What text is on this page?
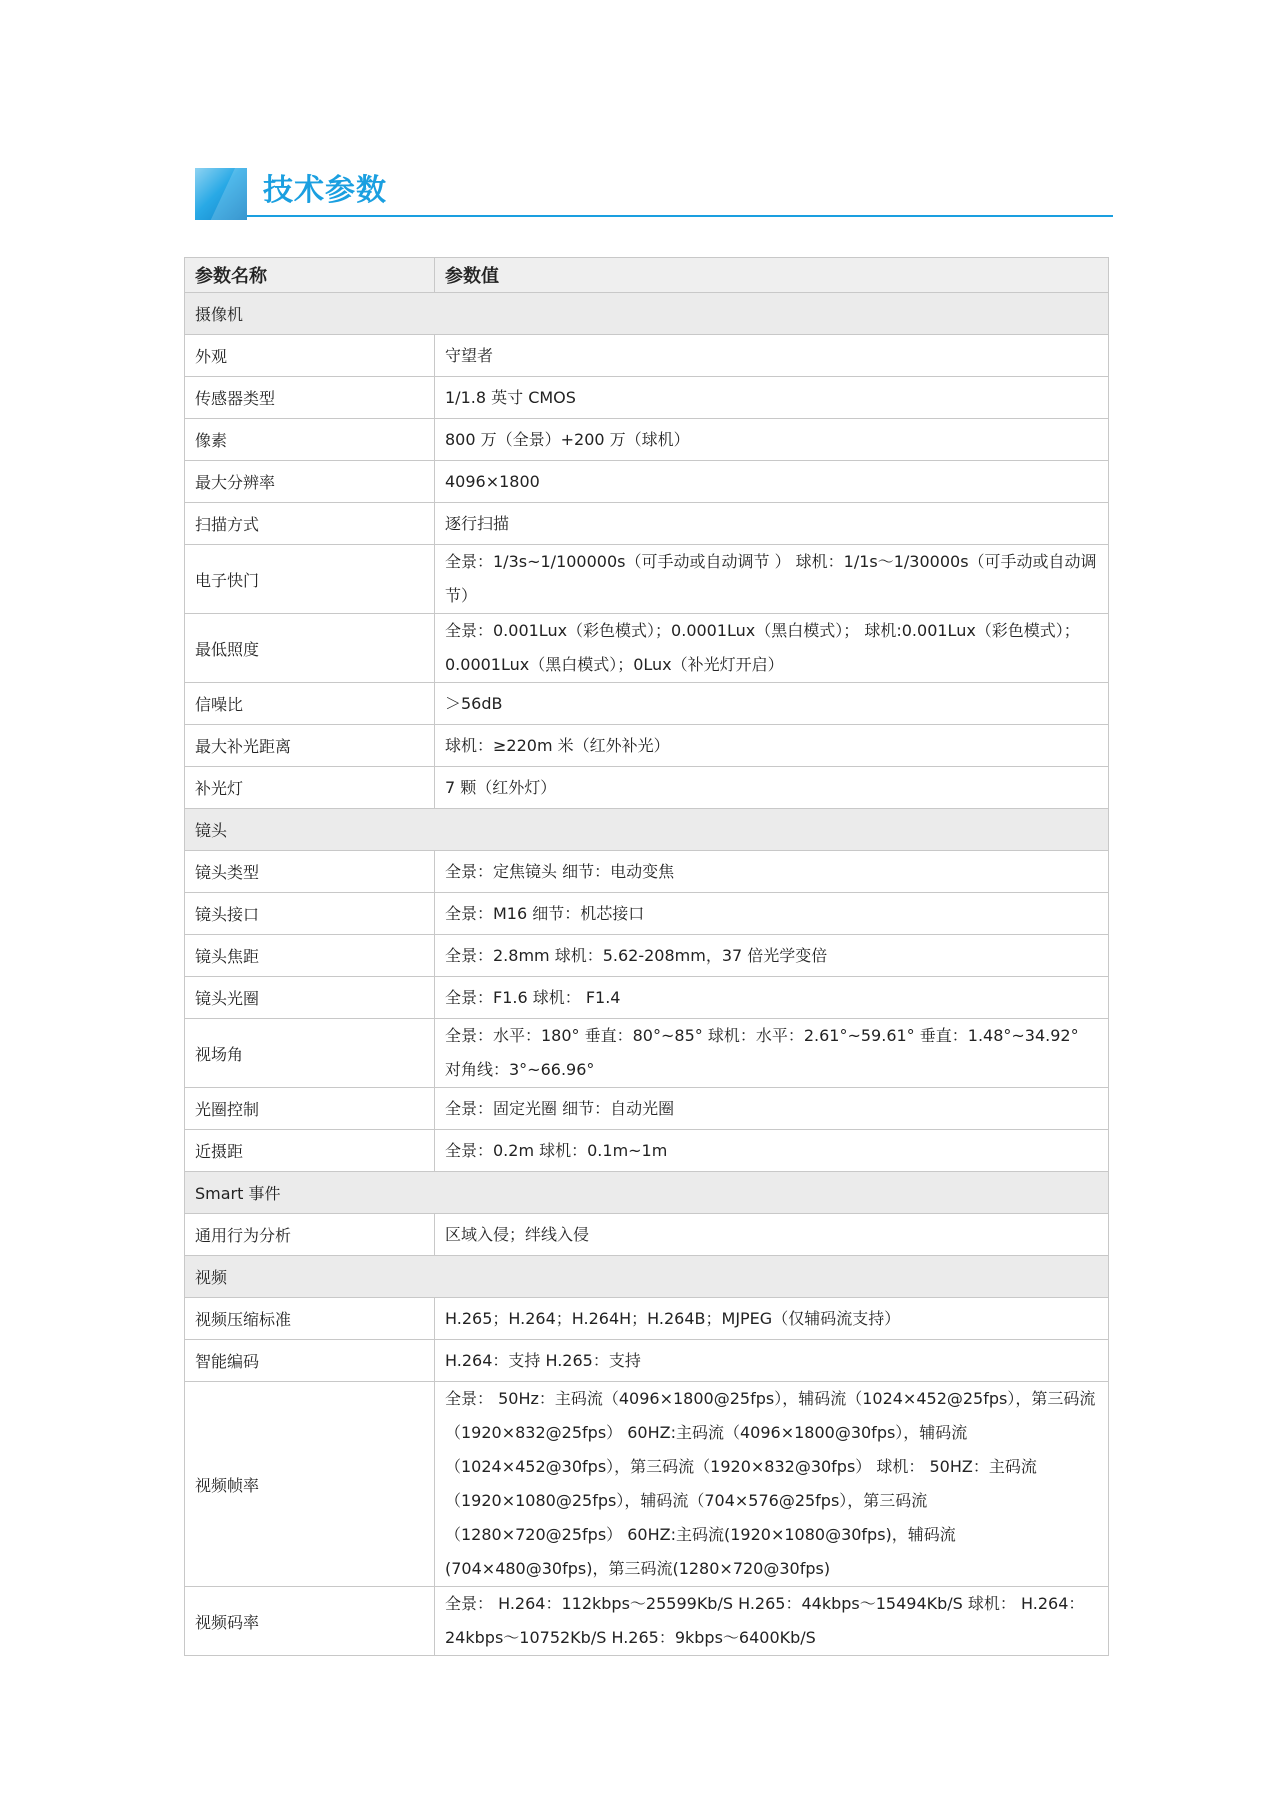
技术参数
参数名称	参数值
摄像机	
外观	守望者
传感器类型	1/1.8 英寸 CMOS
像素	800 万（全景）+200 万（球机）
最大分辨率	4096×1800
扫描方式	逐行扫描
电子快门	全景：1/3s~1/100000s（可手动或自动调节 ） 球机：1/1s～1/30000s（可手动或自动调节）
最低照度	全景：0.001Lux（彩色模式）；0.0001Lux（黑白模式）； 球机:0.001Lux（彩色模式）；0.0001Lux（黑白模式）；0Lux（补光灯开启）
信噪比	＞56dB
最大补光距离	球机：≥220m 米（红外补光）
补光灯	7 颗（红外灯）
镜头	
镜头类型	全景：定焦镜头 细节：电动变焦
镜头接口	全景：M16 细节：机芯接口
镜头焦距	全景：2.8mm 球机：5.62-208mm，37 倍光学变倍
镜头光圈	全景：F1.6 球机： F1.4
视场角	全景：水平：180° 垂直：80°~85° 球机：水平：2.61°~59.61° 垂直：1.48°~34.92° 对角线：3°~66.96°
光圈控制	全景：固定光圈 细节：自动光圈
近摄距	全景：0.2m 球机：0.1m~1m
Smart 事件	
通用行为分析	区域入侵；绊线入侵
视频	
视频压缩标准	H.265；H.264；H.264H；H.264B；MJPEG（仅辅码流支持）
智能编码	H.264：支持 H.265：支持
视频帧率	全景： 50Hz：主码流（4096×1800@25fps），辅码流（1024×452@25fps），第三码流（1920×832@25fps） 60HZ:主码流（4096×1800@30fps），辅码流（1024×452@30fps），第三码流（1920×832@30fps） 球机： 50HZ：主码流（1920×1080@25fps），辅码流（704×576@25fps），第三码流（1280×720@25fps） 60HZ:主码流(1920×1080@30fps)，辅码流(704×480@30fps)，第三码流(1280×720@30fps)
视频码率	全景： H.264：112kbps～25599Kb/S H.265：44kbps～15494Kb/S 球机： H.264：24kbps～10752Kb/S H.265：9kbps～6400Kb/S
